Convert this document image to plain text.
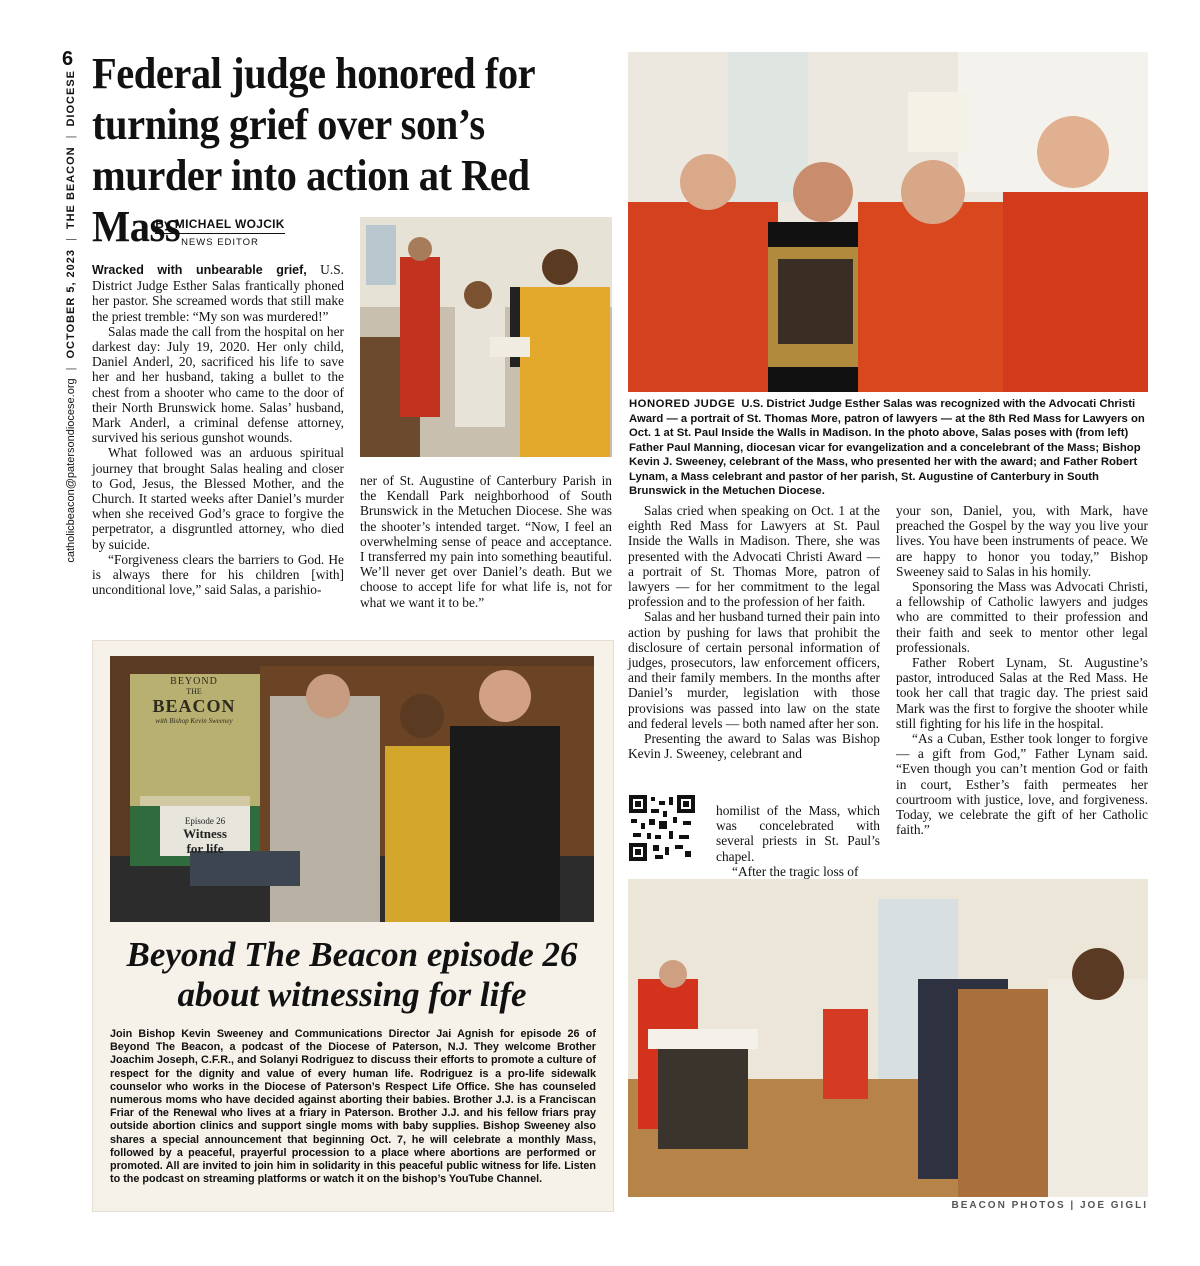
6
catholicbeacon@patersondiocese.org
|
OCTOBER 5, 2023
|
THE BEACON
|
DIOCESE Federal judge honored for turning grief over son’s murder into action at Red Mass
By MICHAEL WOJCIK
NEWS EDITOR

Wracked with unbearable grief, U.S. District Judge Esther Salas frantically phoned her pastor. She screamed words that still make the priest tremble: “My son was murdered!”

Salas made the call from the hospital on her darkest day: July 19, 2020. Her only child, Daniel Anderl, 20, sacrificed his life to save her and her husband, taking a bullet to the chest from a shooter who came to the door of their North Brunswick home. Salas’ husband, Mark Anderl, a criminal defense attorney, survived his serious gunshot wounds.

What followed was an arduous spiritual journey that brought Salas healing and closer to God, Jesus, the Blessed Mother, and the Church. It started weeks after Daniel’s murder when she received God’s grace to forgive the perpetrator, a disgruntled attorney, who died by suicide.

“Forgiveness clears the barriers to God. He is always there for his children [with] unconditional love,” said Salas, a parishio-

ner of St. Augustine of Canterbury Parish in the Kendall Park neighborhood of South Brunswick in the Metuchen Diocese. She was the shooter’s intended target. “Now, I feel an overwhelming sense of peace and acceptance. I transferred my pain into something beautiful. We’ll never get over Daniel’s death. But we choose to accept life for what life is, not for what we want it to be.”

HONORED JUDGE U.S. District Judge Esther Salas was recognized with the Advocati Christi Award — a portrait of St. Thomas More, patron of lawyers — at the 8th Red Mass for Lawyers on Oct. 1 at St. Paul Inside the Walls in Madison. In the photo above, Salas poses with (from left) Father Paul Manning, diocesan vicar for evangelization and a concelebrant of the Mass; Bishop Kevin J. Sweeney, celebrant of the Mass, who presented her with the award; and Father Robert Lynam, a Mass celebrant and pastor of her parish, St. Augustine of Canterbury in South Brunswick in the Metuchen Diocese.

Salas cried when speaking on Oct. 1 at the eighth Red Mass for Lawyers at St. Paul Inside the Walls in Madison. There, she was presented with the Advocati Christi Award — a portrait of St. Thomas More, patron of lawyers — for her commitment to the legal profession and to the profession of her faith.

Salas and her husband turned their pain into action by pushing for laws that prohibit the disclosure of certain personal information of judges, prosecutors, law enforcement officers, and their family members. In the months after Daniel’s murder, legislation with those provisions was passed into law on the state and federal levels — both named after her son.

Presenting the award to Salas was Bishop Kevin J. Sweeney, celebrant and

homilist of the Mass, which was concelebrated with several priests in St. Paul’s chapel.

“After the tragic loss of

your son, Daniel, you, with Mark, have preached the Gospel by the way you live your lives. You have been instruments of peace. We are happy to honor you today,” Bishop Sweeney said to Salas in his homily.

Sponsoring the Mass was Advocati Christi, a fellowship of Catholic lawyers and judges who are committed to their profession and their faith and seek to mentor other legal professionals.

Father Robert Lynam, St. Augustine’s pastor, introduced Salas at the Red Mass. He took her call that tragic day. The priest said Mark was the first to forgive the shooter while still fighting for his life in the hospital.

“As a Cuban, Esther took longer to forgive — a gift from God,” Father Lynam said. “Even though you can’t mention God or faith in court, Esther’s faith permeates her courtroom with justice, love, and forgiveness. Today, we celebrate the gift of her Catholic faith.”

BEYOND
THE
BEACON
with Bishop Kevin Sweeney
Episode 26
Witness
for life
Beyond The Beacon episode 26 about witnessing for life
Join Bishop Kevin Sweeney and Communications Director Jai Agnish for episode 26 of Beyond The Beacon, a podcast of the Diocese of Paterson, N.J. They welcome Brother Joachim Joseph, C.F.R., and Solanyi Rodriguez to discuss their efforts to promote a culture of respect for the dignity and value of every human life. Rodriguez is a pro-life sidewalk counselor who works in the Diocese of Paterson’s Respect Life Office. She has counseled numerous moms who have decided against aborting their babies. Brother J.J. is a Franciscan Friar of the Renewal who lives at a friary in Paterson. Brother J.J. and his fellow friars pray outside abortion clinics and support single moms with baby supplies. Bishop Sweeney also shares a special announcement that beginning Oct. 7, he will celebrate a monthly Mass, followed by a peaceful, prayerful procession to a place where abortions are performed or promoted. All are invited to join him in solidarity in this peaceful public witness for life. Listen to the podcast on streaming platforms or watch it on the bishop’s YouTube Channel.
BEACON PHOTOS | JOE GIGLI
